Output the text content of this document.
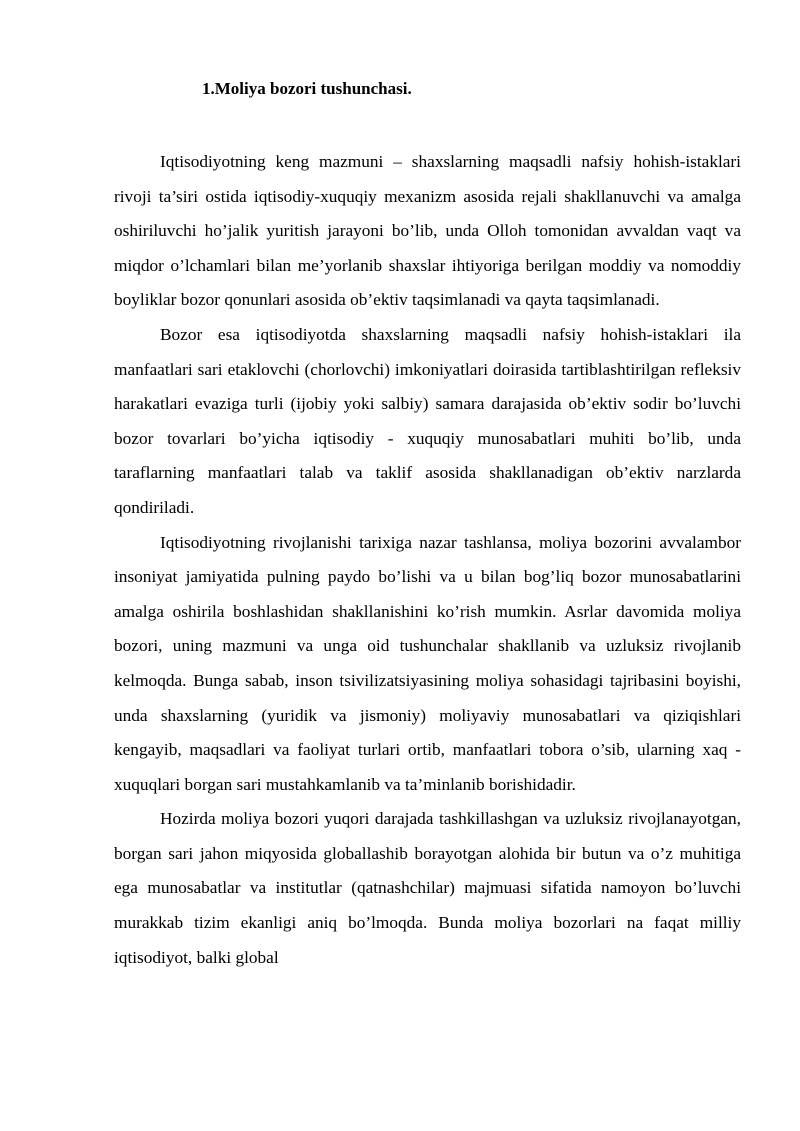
1.Moliya bozori tushunchasi.

Iqtisodiyotning keng mazmuni – shaxslarning maqsadli nafsiy hohish-istaklari rivoji ta’siri ostida iqtisodiy-xuquqiy mexanizm asosida rejali shakllanuvchi va amalga oshiriluvchi ho’jalik yuritish jarayoni bo’lib, unda Olloh tomonidan avvaldan vaqt va miqdor o’lchamlari bilan me’yorlanib shaxslar ihtiyoriga berilgan moddiy va nomoddiy boyliklar bozor qonunlari asosida ob’ektiv taqsimlanadi va qayta taqsimlanadi.

Bozor esa iqtisodiyotda shaxslarning maqsadli nafsiy hohish-istaklari ila manfaatlari sari etaklovchi (chorlovchi) imkoniyatlari doirasida tartiblashtirilgan refleksiv harakatlari evaziga turli (ijobiy yoki salbiy) samara darajasida ob’ektiv sodir bo’luvchi bozor tovarlari bo’yicha iqtisodiy - xuquqiy munosabatlari muhiti bo’lib, unda taraflarning manfaatlari talab va taklif asosida shakllanadigan ob’ektiv narzlarda qondiriladi.

Iqtisodiyotning rivojlanishi tarixiga nazar tashlansa, moliya bozorini avvalambor insoniyat jamiyatida pulning paydo bo’lishi va u bilan bog’liq bozor munosabatlarini amalga oshirila boshlashidan shakllanishini ko’rish mumkin. Asrlar davomida moliya bozori, uning mazmuni va unga oid tushunchalar shakllanib va uzluksiz rivojlanib kelmoqda. Bunga sabab, inson tsivilizatsiyasining moliya sohasidagi tajribasini boyishi, unda shaxslarning (yuridik va jismoniy) moliyaviy munosabatlari va qiziqishlari kengayib, maqsadlari va faoliyat turlari ortib, manfaatlari tobora o’sib, ularning xaq - xuquqlari borgan sari mustahkamlanib va ta’minlanib borishidadir.

Hozirda moliya bozori yuqori darajada tashkillashgan va uzluksiz rivojlanayotgan, borgan sari jahon miqyosida globallashib borayotgan alohida bir butun va o’z muhitiga ega munosabatlar va institutlar (qatnashchilar) majmuasi sifatida namoyon bo’luvchi murakkab tizim ekanligi aniq bo’lmoqda. Bunda moliya bozorlari na faqat milliy iqtisodiyot, balki global
